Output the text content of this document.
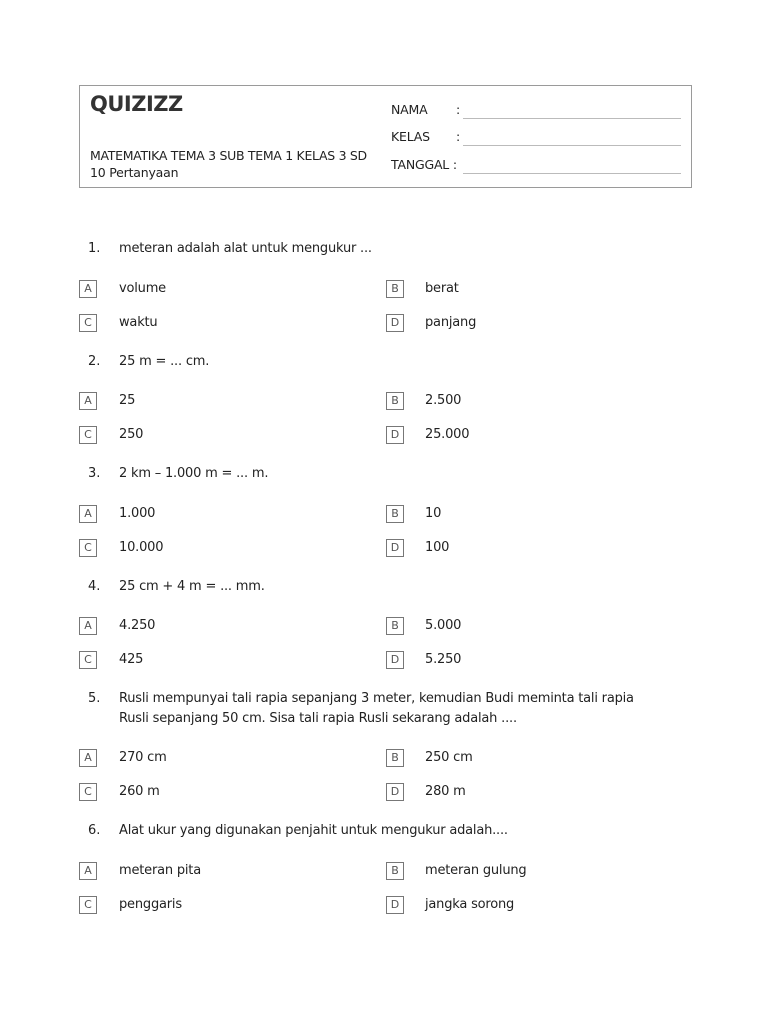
QUIZIZZ
MATEMATIKA TEMA 3 SUB TEMA 1 KELAS 3 SD
10 Pertanyaan
NAMA :
KELAS :
TANGGAL :
1. meteran adalah alat untuk mengukur ...
A	volume	B	berat
C	waktu	D	panjang
2. 25 m = ... cm.
A	25	B	2.500
C	250	D	25.000
3. 2 km – 1.000 m = ... m.
A	1.000	B	10
C	10.000	D	100
4. 25 cm + 4 m = ... mm.
A	4.250	B	5.000
C	425	D	5.250
5. Rusli mempunyai tali rapia sepanjang 3 meter, kemudian Budi meminta tali rapia Rusli sepanjang 50 cm. Sisa tali rapia Rusli sekarang adalah ....
A	270 cm	B	250 cm
C	260 m	D	280 m
6. Alat ukur yang digunakan penjahit untuk mengukur adalah....
A	meteran pita	B	meteran gulung
C	penggaris	D	jangka sorong
